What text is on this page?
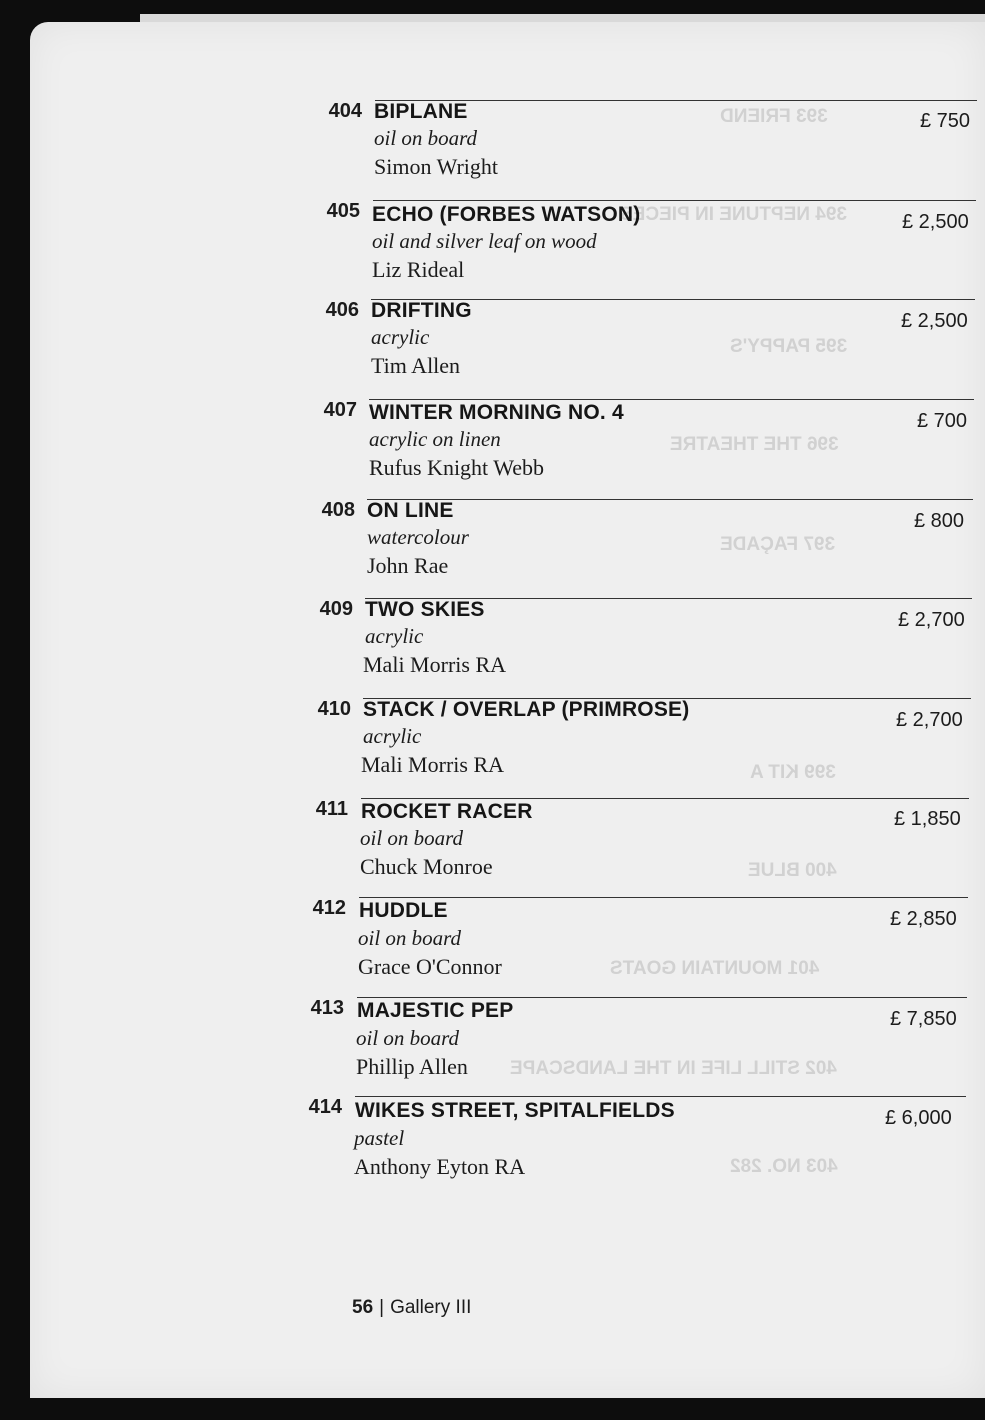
393 FRIEND
394 NEPTUNE IN PIECES
395 PAPPY'S
396 THE THEATRE
397 FAÇADE
399 KIT A
400 BLUE
401 MOUNTAIN GOATS
402 STILL LIFE IN THE LANDSCAPE
403 NO. 282
404 BIPLANE
oil on board
Simon Wright
£ 750
405 ECHO (FORBES WATSON)
oil and silver leaf on wood
Liz Rideal
£ 2,500
406 DRIFTING
acrylic
Tim Allen
£ 2,500
407 WINTER MORNING NO. 4
acrylic on linen
Rufus Knight Webb
£ 700
408 ON LINE
watercolour
John Rae
£ 800
409 TWO SKIES
acrylic
Mali Morris RA
£ 2,700
410 STACK / OVERLAP (PRIMROSE)
acrylic
Mali Morris RA
£ 2,700
411 ROCKET RACER
oil on board
Chuck Monroe
£ 1,850
412 HUDDLE
oil on board
Grace O'Connor
£ 2,850
413 MAJESTIC PEP
oil on board
Phillip Allen
£ 7,850
414 WIKES STREET, SPITALFIELDS
pastel
Anthony Eyton RA
£ 6,000
56 | Gallery III
